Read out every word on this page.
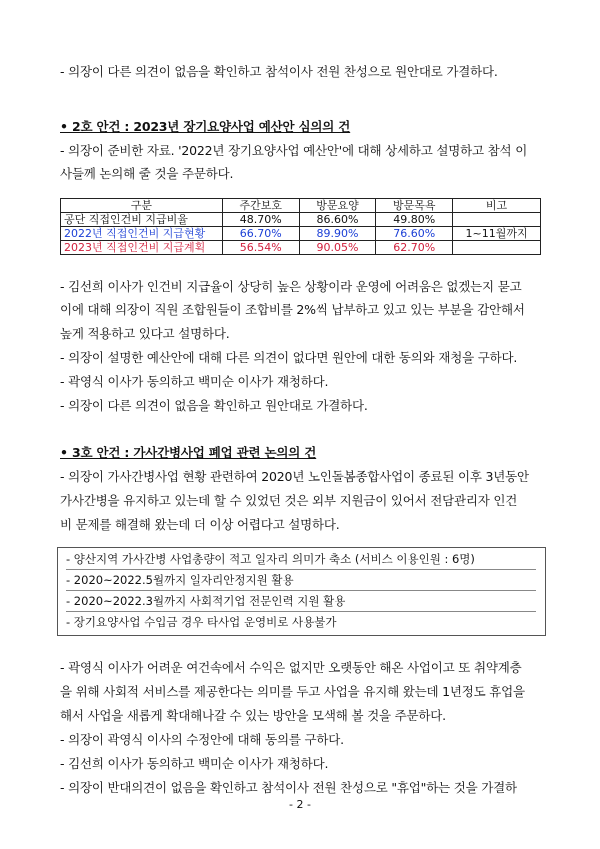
- 의장이 다른 의견이 없음을 확인하고 참석이사 전원 찬성으로 원안대로 가결하다.
• 2호 안건 : 2023년 장기요양사업 예산안 심의의 건
- 의장이 준비한 자료. '2022년 장기요양사업 예산안'에 대해 상세하고 설명하고 참석 이
사들께 논의해 줄 것을 주문하다.
구분	주간보호	방문요양	방문목욕	비고
공단 직접인건비 지급비율	48.70%	86.60%	49.80%	
2022년 직접인건비 지급현황	66.70%	89.90%	76.60%	1~11월까지
2023년 직접인건비 지급계획	56.54%	90.05%	62.70%	
- 김선희 이사가 인건비 지급율이 상당히 높은 상황이라 운영에 어려움은 없겠는지 묻고
이에 대해 의장이 직원 조합원들이 조합비를 2%씩 납부하고 있고 있는 부분을 감안해서
높게 적용하고 있다고 설명하다.
- 의장이 설명한 예산안에 대해 다른 의견이 없다면 원안에 대한 동의와 재청을 구하다.
- 곽영식 이사가 동의하고 백미순 이사가 재청하다.
- 의장이 다른 의견이 없음을 확인하고 원안대로 가결하다.
• 3호 안건 : 가사간병사업 폐업 관련 논의의 건
- 의장이 가사간병사업 현황 관련하여 2020년 노인돌봄종합사업이 종료된 이후 3년동안
가사간병을 유지하고 있는데 할 수 있었던 것은 외부 지원금이 있어서 전담관리자 인건
비 문제를 해결해 왔는데 더 이상 어렵다고 설명하다.
- 양산지역 가사간병 사업총량이 적고 일자리 의미가 축소 (서비스 이용인원 : 6명)
- 2020~2022.5월까지 일자리안정지원 활용
- 2020~2022.3월까지 사회적기업 전문인력 지원 활용
- 장기요양사업 수입금 경우 타사업 운영비로 사용불가
- 곽영식 이사가 어려운 여건속에서 수익은 없지만 오랫동안 해온 사업이고 또 취약계층
을 위해 사회적 서비스를 제공한다는 의미를 두고 사업을 유지해 왔는데 1년정도 휴업을
해서 사업을 새롭게 확대해나갈 수 있는 방안을 모색해 볼 것을 주문하다.
- 의장이 곽영식 이사의 수정안에 대해 동의를 구하다.
- 김선희 이사가 동의하고 백미순 이사가 재청하다.
- 의장이 반대의견이 없음을 확인하고 참석이사 전원 찬성으로 "휴업"하는 것을 가결하
- 2 -
